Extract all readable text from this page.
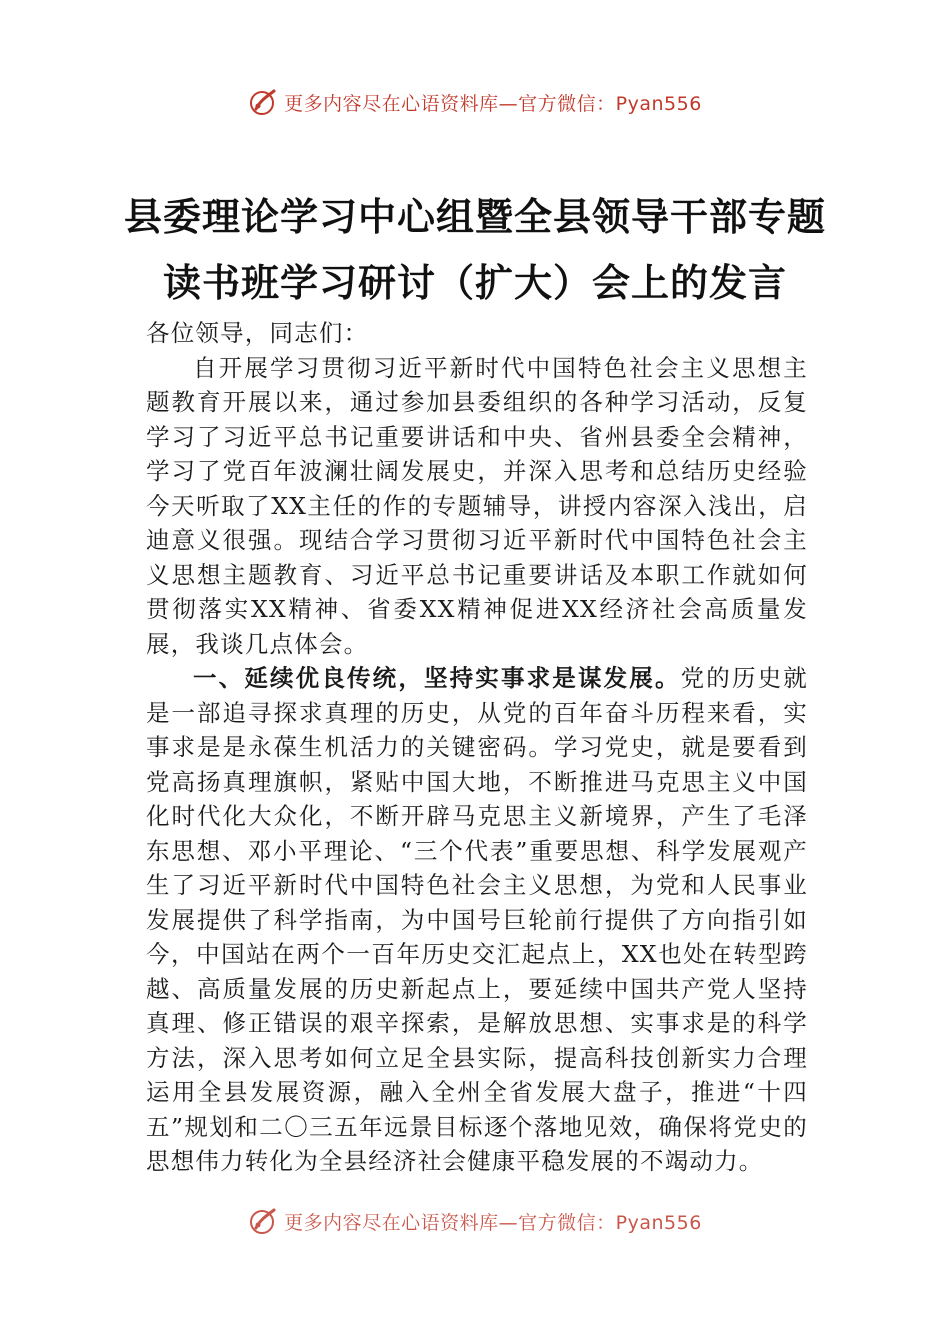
更多内容尽在心语资料库—官方微信：Pyan556
县委理论学习中心组暨全县领导干部专题
读书班学习研讨（扩大）会上的发言

各位领导，同志们：

自开展学习贯彻习近平新时代中国特色社会主义思想主题教育开展以来，通过参加县委组织的各种学习活动，反复学习了习近平总书记重要讲话和中央、省州县委全会精神，学习了党百年波澜壮阔发展史，并深入思考和总结历史经验今天听取了XX主任的作的专题辅导，讲授内容深入浅出，启迪意义很强。现结合学习贯彻习近平新时代中国特色社会主义思想主题教育、习近平总书记重要讲话及本职工作就如何贯彻落实XX精神、省委XX精神促进XX经济社会高质量发展，我谈几点体会。

一、延续优良传统，坚持实事求是谋发展。党的历史就是一部追寻探求真理的历史，从党的百年奋斗历程来看，实事求是是永葆生机活力的关键密码。学习党史，就是要看到党高扬真理旗帜，紧贴中国大地，不断推进马克思主义中国化时代化大众化，不断开辟马克思主义新境界，产生了毛泽东思想、邓小平理论、“三个代表”重要思想、科学发展观产生了习近平新时代中国特色社会主义思想，为党和人民事业发展提供了科学指南，为中国号巨轮前行提供了方向指引如今，中国站在两个一百年历史交汇起点上，XX也处在转型跨越、高质量发展的历史新起点上，要延续中国共产党人坚持真理、修正错误的艰辛探索，是解放思想、实事求是的科学方法，深入思考如何立足全县实际，提高科技创新实力合理运用全县发展资源，融入全州全省发展大盘子，推进“十四五”规划和二〇三五年远景目标逐个落地见效，确保将党史的思想伟力转化为全县经济社会健康平稳发展的不竭动力。

更多内容尽在心语资料库—官方微信：Pyan556
